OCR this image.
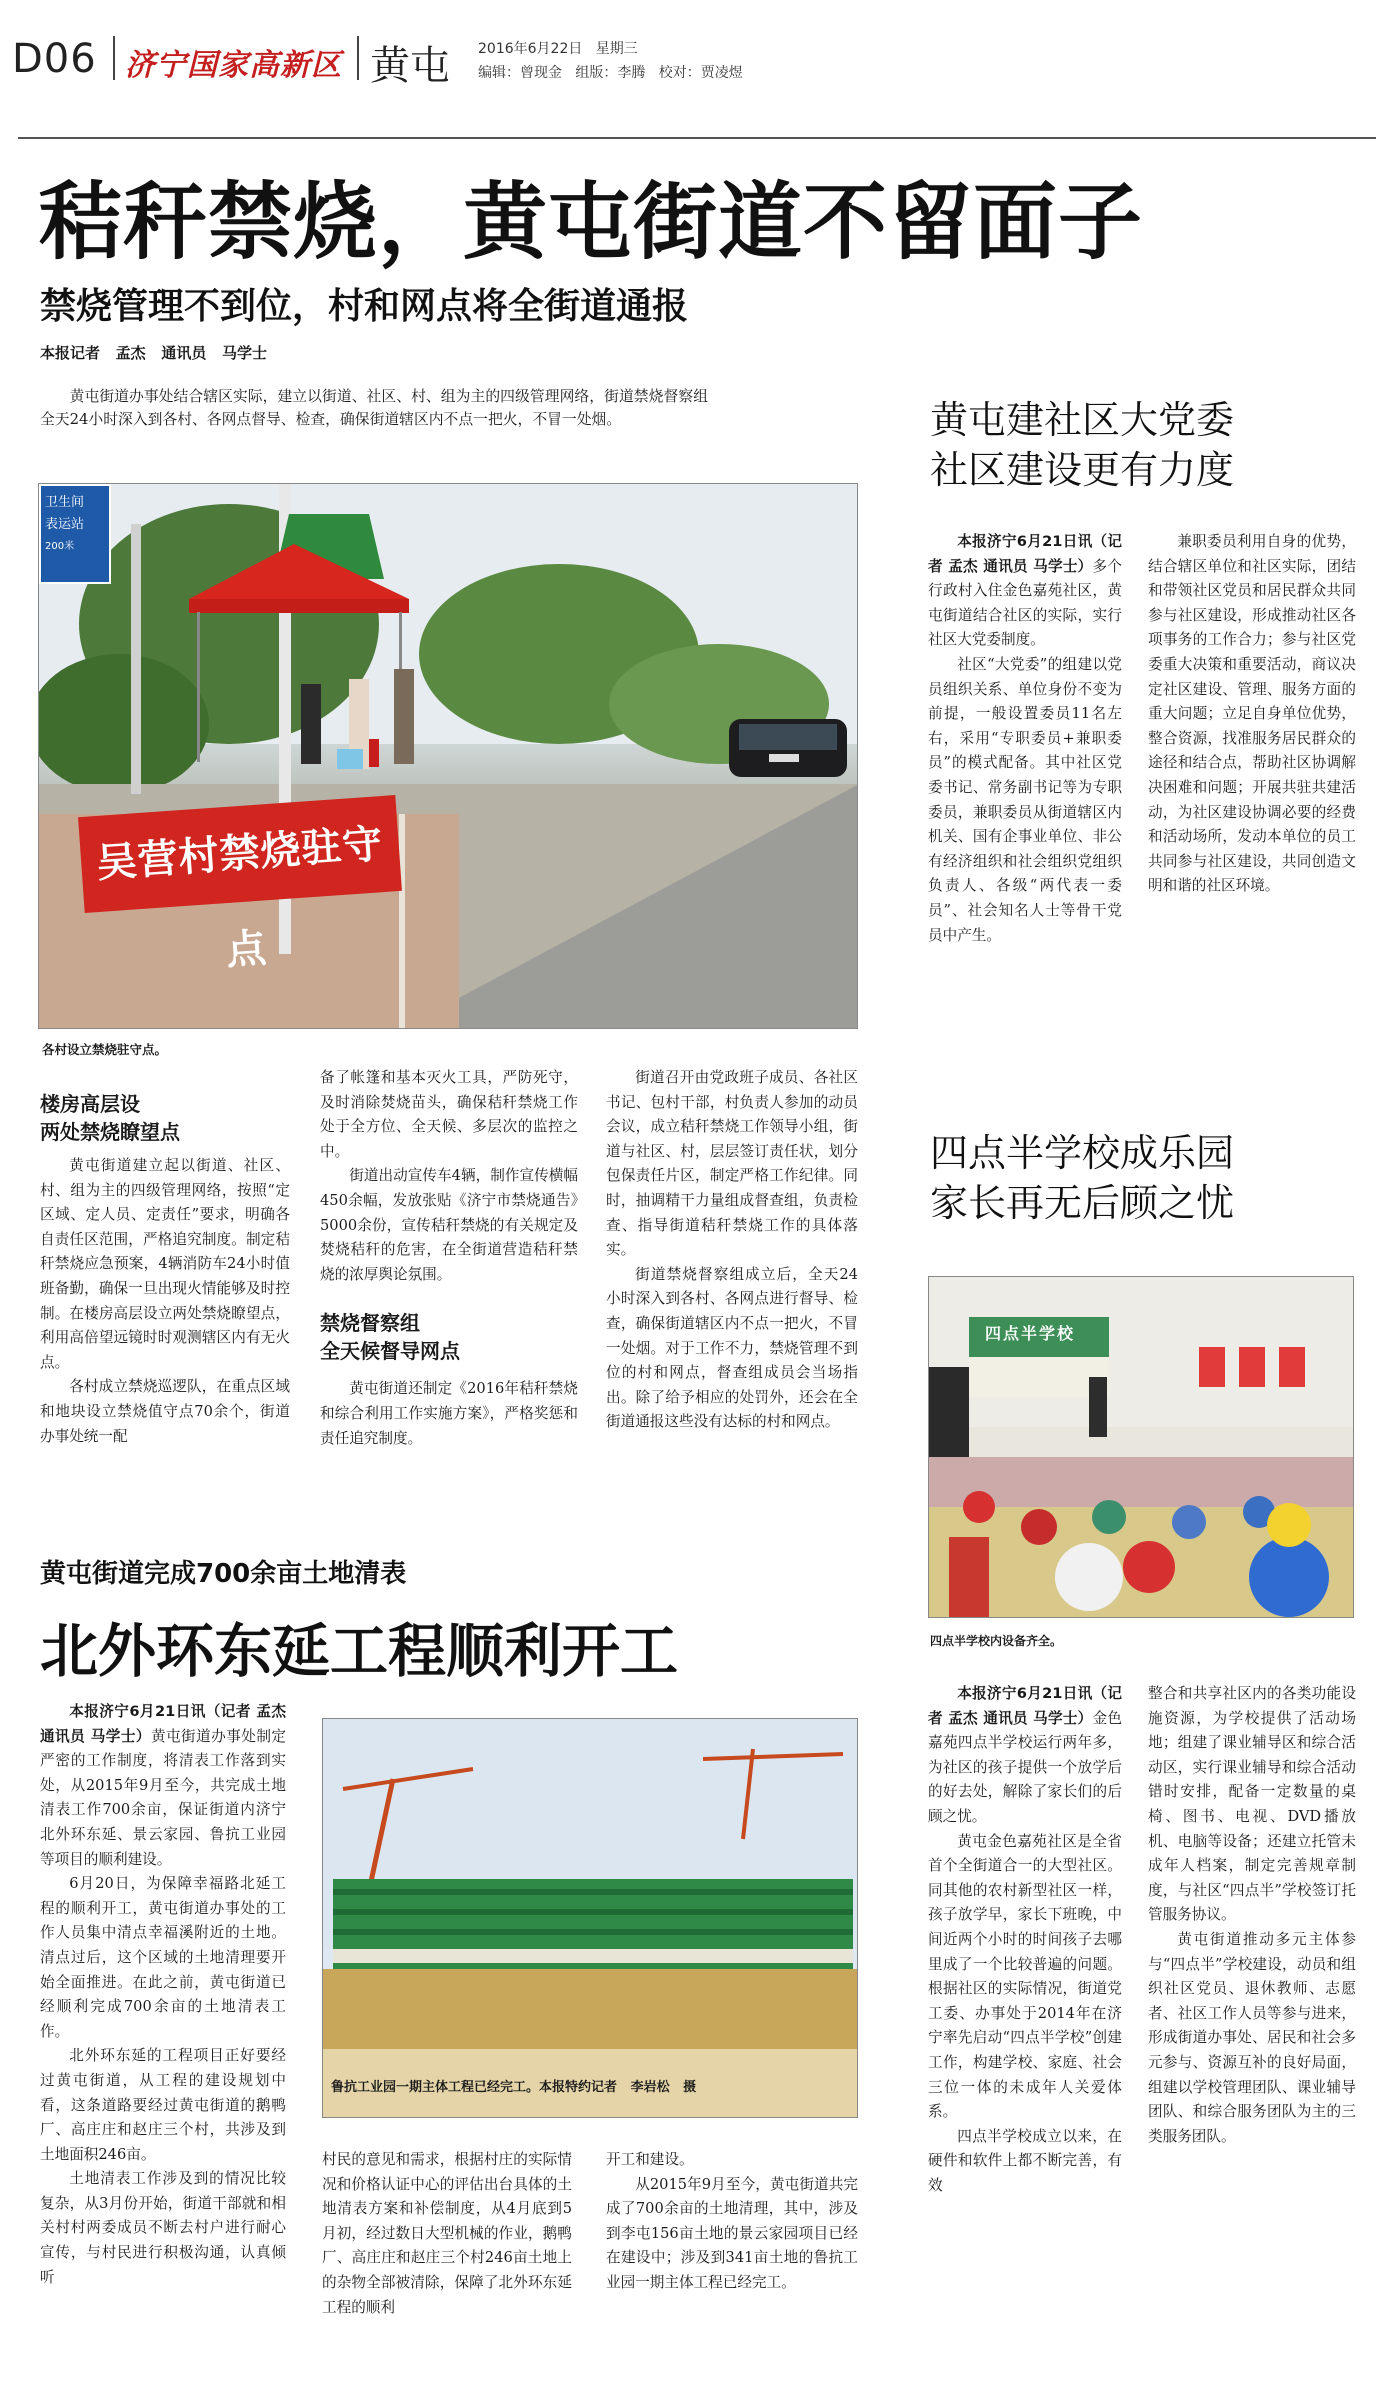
D06 济宁国家高新区 黄屯 2016年6月22日   星期三
编辑：曾现金   组版：李腾   校对：贾凌煜
秸秆禁烧，黄屯街道不留面子
禁烧管理不到位，村和网点将全街道通报
本报记者   孟杰   通讯员   马学士

黄屯街道办事处结合辖区实际，建立以街道、社区、村、组为主的四级管理网络，街道禁烧督察组全天24小时深入到各村、各网点督导、检查，确保街道辖区内不点一把火，不冒一处烟。

卫生间
表运站
200米
吴营村禁烧驻守点
各村设立禁烧驻守点。

楼房高层设
两处禁烧瞭望点

黄屯街道建立起以街道、社区、村、组为主的四级管理网络，按照“定区域、定人员、定责任”要求，明确各自责任区范围，严格追究制度。制定秸秆禁烧应急预案，4辆消防车24小时值班备勤，确保一旦出现火情能够及时控制。在楼房高层设立两处禁烧瞭望点，利用高倍望远镜时时观测辖区内有无火点。

各村成立禁烧巡逻队，在重点区域和地块设立禁烧值守点70余个，街道办事处统一配

备了帐篷和基本灭火工具，严防死守，及时消除焚烧苗头，确保秸秆禁烧工作处于全方位、全天候、多层次的监控之中。

街道出动宣传车4辆，制作宣传横幅450余幅，发放张贴《济宁市禁烧通告》5000余份，宣传秸秆禁烧的有关规定及焚烧秸秆的危害，在全街道营造秸秆禁烧的浓厚舆论氛围。

禁烧督察组
全天候督导网点

黄屯街道还制定《2016年秸秆禁烧和综合利用工作实施方案》，严格奖惩和责任追究制度。

街道召开由党政班子成员、各社区书记、包村干部，村负责人参加的动员会议，成立秸秆禁烧工作领导小组，街道与社区、村，层层签订责任状，划分包保责任片区，制定严格工作纪律。同时，抽调精干力量组成督查组，负责检查、指导街道秸秆禁烧工作的具体落实。

街道禁烧督察组成立后，全天24小时深入到各村、各网点进行督导、检查，确保街道辖区内不点一把火，不冒一处烟。对于工作不力，禁烧管理不到位的村和网点，督查组成员会当场指出。除了给予相应的处罚外，还会在全街道通报这些没有达标的村和网点。

黄屯建社区大党委
社区建设更有力度

本报济宁6月21日讯（记者 孟杰 通讯员 马学士）多个行政村入住金色嘉苑社区，黄屯街道结合社区的实际，实行社区大党委制度。

社区“大党委”的组建以党员组织关系、单位身份不变为前提，一般设置委员11名左右，采用“专职委员+兼职委员”的模式配备。其中社区党委书记、常务副书记等为专职委员，兼职委员从街道辖区内机关、国有企事业单位、非公有经济组织和社会组织党组织负责人、各级“两代表一委员”、社会知名人士等骨干党员中产生。

兼职委员利用自身的优势，结合辖区单位和社区实际，团结和带领社区党员和居民群众共同参与社区建设，形成推动社区各项事务的工作合力；参与社区党委重大决策和重要活动，商议决定社区建设、管理、服务方面的重大问题；立足自身单位优势，整合资源，找准服务居民群众的途径和结合点，帮助社区协调解决困难和问题；开展共驻共建活动，为社区建设协调必要的经费和活动场所，发动本单位的员工共同参与社区建设，共同创造文明和谐的社区环境。

四点半学校成乐园
家长再无后顾之忧
四点半学校
四点半学校内设备齐全。

本报济宁6月21日讯（记者 孟杰 通讯员 马学士）金色嘉苑四点半学校运行两年多，为社区的孩子提供一个放学后的好去处，解除了家长们的后顾之忧。

黄屯金色嘉苑社区是全省首个全街道合一的大型社区。同其他的农村新型社区一样，孩子放学早，家长下班晚，中间近两个小时的时间孩子去哪里成了一个比较普遍的问题。根据社区的实际情况，街道党工委、办事处于2014年在济宁率先启动“四点半学校”创建工作，构建学校、家庭、社会三位一体的未成年人关爱体系。

四点半学校成立以来，在硬件和软件上都不断完善，有效

整合和共享社区内的各类功能设施资源，为学校提供了活动场地；组建了课业辅导区和综合活动区，实行课业辅导和综合活动错时安排，配备一定数量的桌椅、图书、电视、DVD播放机、电脑等设备；还建立托管未成年人档案，制定完善规章制度，与社区“四点半”学校签订托管服务协议。

黄屯街道推动多元主体参与“四点半”学校建设，动员和组织社区党员、退休教师、志愿者、社区工作人员等参与进来，形成街道办事处、居民和社会多元参与、资源互补的良好局面，组建以学校管理团队、课业辅导团队、和综合服务团队为主的三类服务团队。

黄屯街道完成700余亩土地清表
北外环东延工程顺利开工

本报济宁6月21日讯（记者 孟杰 通讯员 马学士）黄屯街道办事处制定严密的工作制度，将清表工作落到实处，从2015年9月至今，共完成土地清表工作700余亩，保证街道内济宁北外环东延、景云家园、鲁抗工业园等项目的顺利建设。

6月20日，为保障幸福路北延工程的顺利开工，黄屯街道办事处的工作人员集中清点幸福溪附近的土地。清点过后，这个区域的土地清理要开始全面推进。在此之前，黄屯街道已经顺利完成700余亩的土地清表工作。

北外环东延的工程项目正好要经过黄屯街道，从工程的建设规划中看，这条道路要经过黄屯街道的鹅鸭厂、高庄庄和赵庄三个村，共涉及到土地面积246亩。

土地清表工作涉及到的情况比较复杂，从3月份开始，街道干部就和相关村村两委成员不断去村户进行耐心宣传，与村民进行积极沟通，认真倾听

鲁抗工业园一期主体工程已经完工。本报特约记者   李岩松   摄

村民的意见和需求，根据村庄的实际情况和价格认证中心的评估出台具体的土地清表方案和补偿制度，从4月底到5月初，经过数日大型机械的作业，鹅鸭厂、高庄庄和赵庄三个村246亩土地上的杂物全部被清除，保障了北外环东延工程的顺利

开工和建设。

从2015年9月至今，黄屯街道共完成了700余亩的土地清理，其中，涉及到李屯156亩土地的景云家园项目已经在建设中；涉及到341亩土地的鲁抗工业园一期主体工程已经完工。
